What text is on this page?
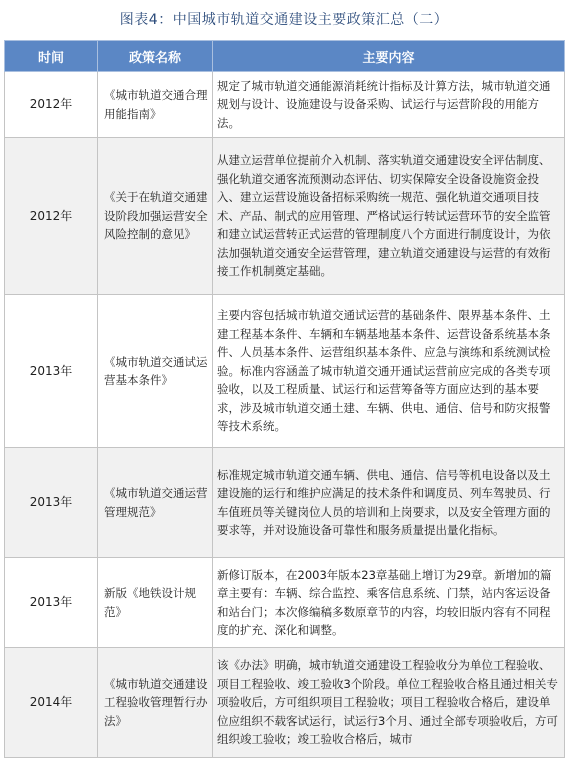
图表4：中国城市轨道交通建设主要政策汇总（二）
时间	政策名称	主要内容
2012年	《城市轨道交通合理用能指南》	规定了城市轨道交通能源消耗统计指标及计算方法，城市轨道交通规划与设计、设施建设与设备采购、试运行与运营阶段的用能方法。
2012年	《关于在轨道交通建设阶段加强运营安全风险控制的意见》	从建立运营单位提前介入机制、落实轨道交通建设安全评估制度、强化轨道交通客流预测动态评估、切实保障安全设备设施资金投入、建立运营设施设备招标采购统一规范、强化轨道交通项目技术、产品、制式的应用管理、严格试运行转试运营环节的安全监管和建立试运营转正式运营的管理制度八个方面进行制度设计，为依法加强轨道交通安全运营管理，建立轨道交通建设与运营的有效衔接工作机制奠定基础。
2013年	《城市轨道交通试运营基本条件》	主要内容包括城市轨道交通试运营的基础条件、限界基本条件、土建工程基本条件、车辆和车辆基地基本条件、运营设备系统基本条件、人员基本条件、运营组织基本条件、应急与演练和系统测试检验。标准内容涵盖了城市轨道交通开通试运营前应完成的各类专项验收，以及工程质量、试运行和运营筹备等方面应达到的基本要求，涉及城市轨道交通土建、车辆、供电、通信、信号和防灾报警等技术系统。
2013年	《城市轨道交通运营管理规范》	标准规定城市轨道交通车辆、供电、通信、信号等机电设备以及土建设施的运行和维护应满足的技术条件和调度员、列车驾驶员、行车值班员等关键岗位人员的培训和上岗要求，以及安全管理方面的要求等，并对设施设备可靠性和服务质量提出量化指标。
2013年	新版《地铁设计规范》	新修订版本，在2003年版本23章基础上增订为29章。新增加的篇章主要有：车辆、综合监控、乘客信息系统、门禁，站内客运设备和站台门；本次修编稿多数原章节的内容，均较旧版内容有不同程度的扩充、深化和调整。
2014年	《城市轨道交通建设工程验收管理暂行办法》	该《办法》明确，城市轨道交通建设工程验收分为单位工程验收、项目工程验收、竣工验收3个阶段。单位工程验收合格且通过相关专项验收后，方可组织项目工程验收；项目工程验收合格后，建设单位应组织不载客试运行，试运行3个月、通过全部专项验收后，方可组织竣工验收；竣工验收合格后，城市
